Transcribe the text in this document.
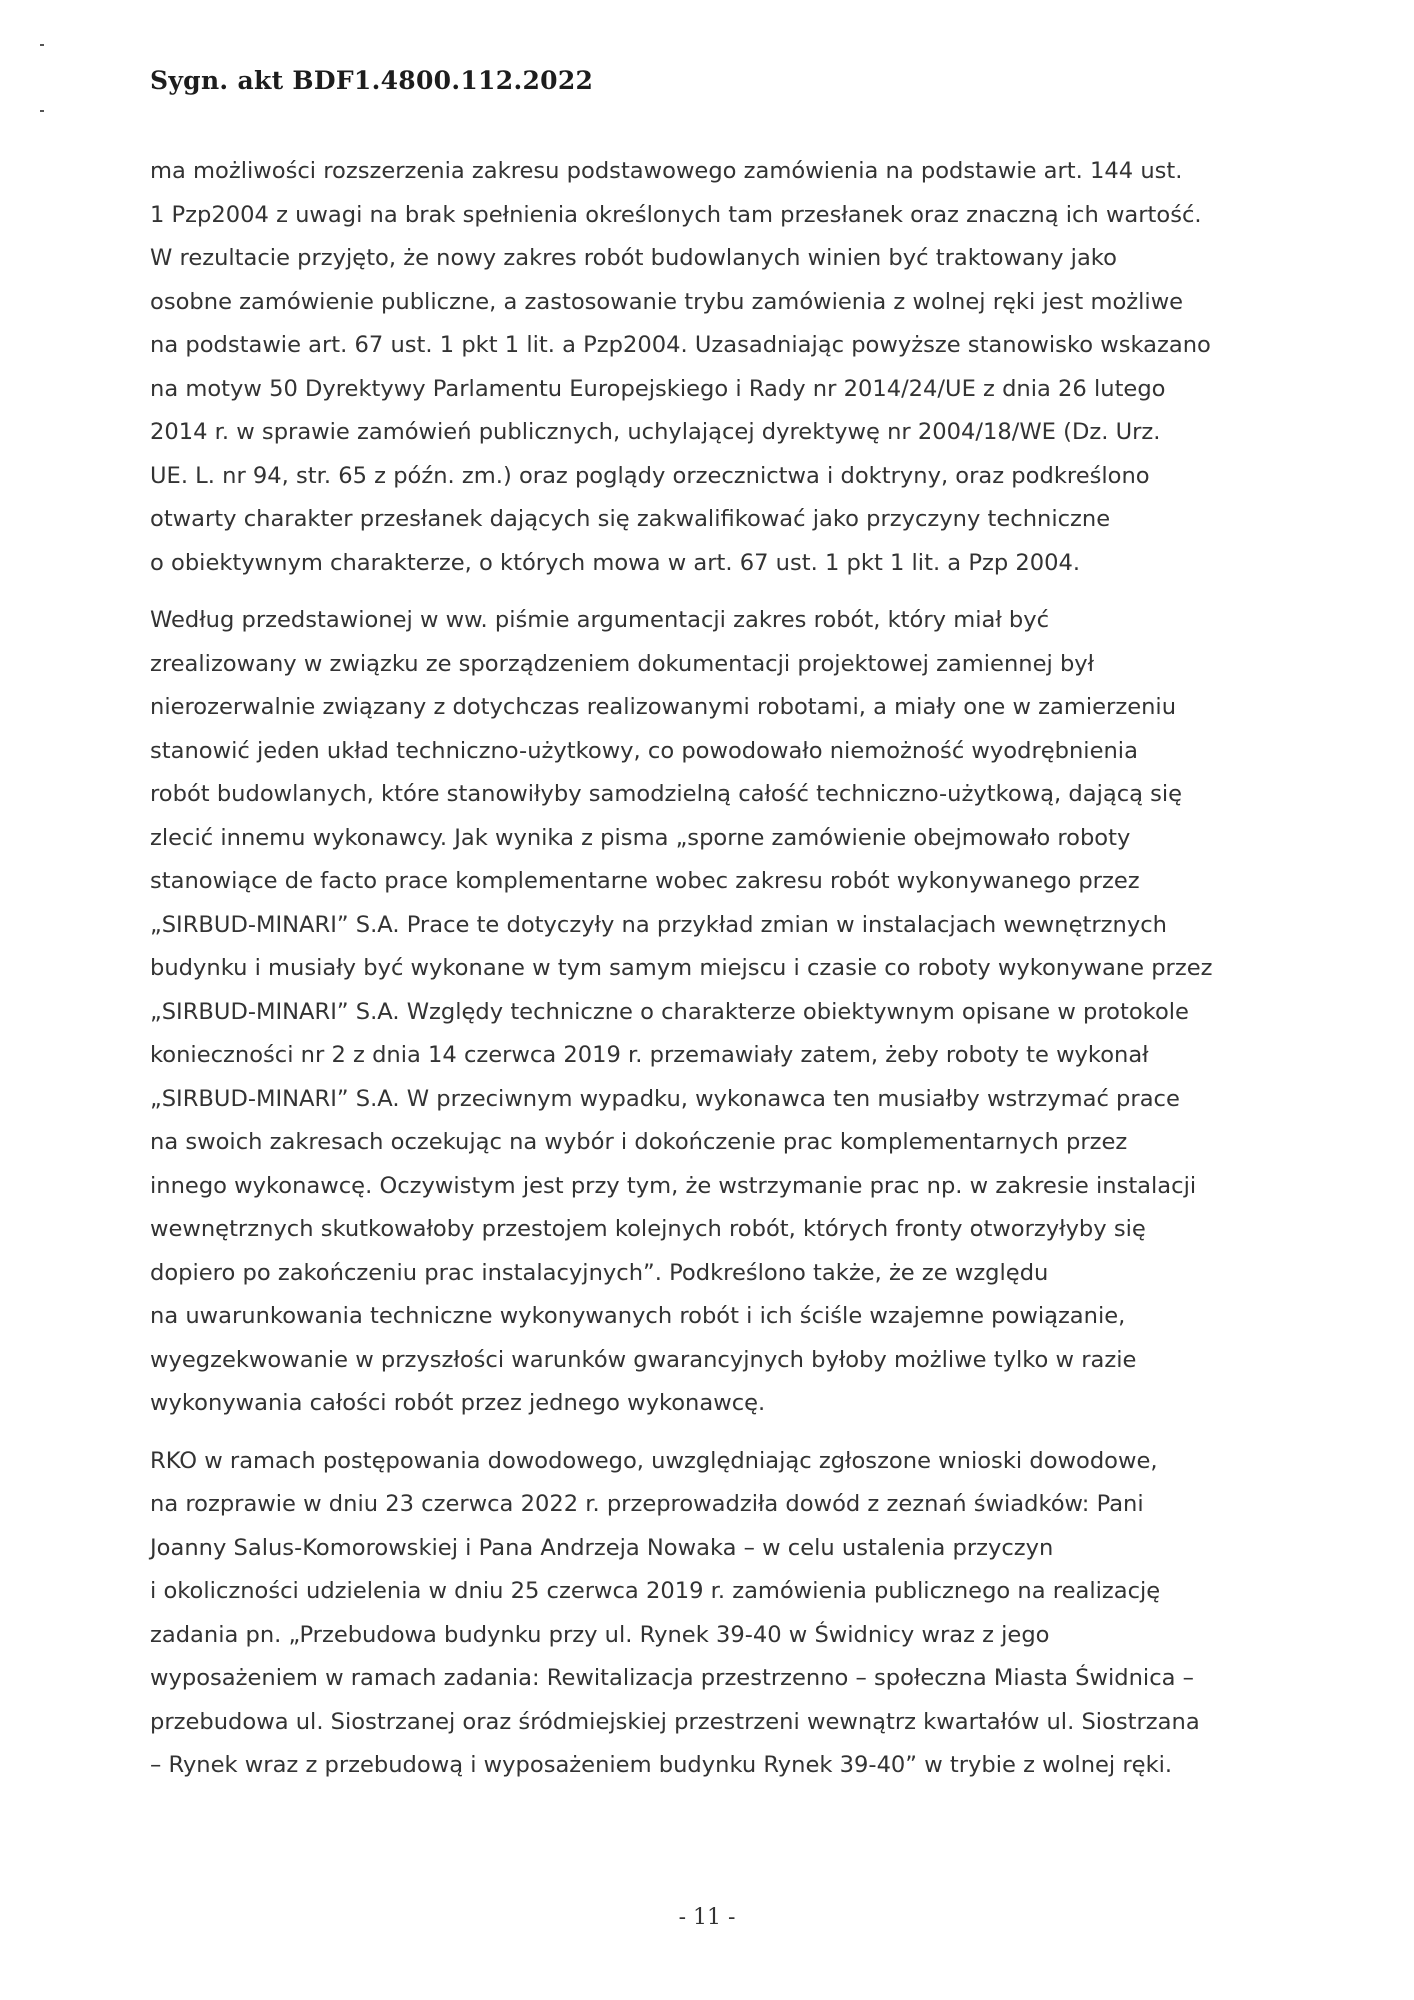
Sygn. akt BDF1.4800.112.2022
ma możliwości rozszerzenia zakresu podstawowego zamówienia na podstawie art. 144 ust.
1 Pzp2004 z uwagi na brak spełnienia określonych tam przesłanek oraz znaczną ich wartość.
W rezultacie przyjęto, że nowy zakres robót budowlanych winien być traktowany jako
osobne zamówienie publiczne, a zastosowanie trybu zamówienia z wolnej ręki jest możliwe
na podstawie art. 67 ust. 1 pkt 1 lit. a Pzp2004. Uzasadniając powyższe stanowisko wskazano
na motyw 50 Dyrektywy Parlamentu Europejskiego i Rady nr 2014/24/UE z dnia 26 lutego
2014 r. w sprawie zamówień publicznych, uchylającej dyrektywę nr 2004/18/WE (Dz. Urz.
UE. L. nr 94, str. 65 z późn. zm.) oraz poglądy orzecznictwa i doktryny, oraz podkreślono
otwarty charakter przesłanek dających się zakwalifikować jako przyczyny techniczne
o obiektywnym charakterze, o których mowa w art. 67 ust. 1 pkt 1 lit. a Pzp 2004.
Według przedstawionej w ww. piśmie argumentacji zakres robót, który miał być
zrealizowany w związku ze sporządzeniem dokumentacji projektowej zamiennej był
nierozerwalnie związany z dotychczas realizowanymi robotami, a miały one w zamierzeniu
stanowić jeden układ techniczno-użytkowy, co powodowało niemożność wyodrębnienia
robót budowlanych, które stanowiłyby samodzielną całość techniczno-użytkową, dającą się
zlecić innemu wykonawcy. Jak wynika z pisma „sporne zamówienie obejmowało roboty
stanowiące de facto prace komplementarne wobec zakresu robót wykonywanego przez
„SIRBUD-MINARI” S.A. Prace te dotyczyły na przykład zmian w instalacjach wewnętrznych
budynku i musiały być wykonane w tym samym miejscu i czasie co roboty wykonywane przez
„SIRBUD-MINARI” S.A. Względy techniczne o charakterze obiektywnym opisane w protokole
konieczności nr 2 z dnia 14 czerwca 2019 r. przemawiały zatem, żeby roboty te wykonał
„SIRBUD-MINARI” S.A. W przeciwnym wypadku, wykonawca ten musiałby wstrzymać prace
na swoich zakresach oczekując na wybór i dokończenie prac komplementarnych przez
innego wykonawcę. Oczywistym jest przy tym, że wstrzymanie prac np. w zakresie instalacji
wewnętrznych skutkowałoby przestojem kolejnych robót, których fronty otworzyłyby się
dopiero po zakończeniu prac instalacyjnych”. Podkreślono także, że ze względu
na uwarunkowania techniczne wykonywanych robót i ich ściśle wzajemne powiązanie,
wyegzekwowanie w przyszłości warunków gwarancyjnych byłoby możliwe tylko w razie
wykonywania całości robót przez jednego wykonawcę.
RKO w ramach postępowania dowodowego, uwzględniając zgłoszone wnioski dowodowe,
na rozprawie w dniu 23 czerwca 2022 r. przeprowadziła dowód z zeznań świadków: Pani
Joanny Salus-Komorowskiej i Pana Andrzeja Nowaka – w celu ustalenia przyczyn
i okoliczności udzielenia w dniu 25 czerwca 2019 r. zamówienia publicznego na realizację
zadania pn. „Przebudowa budynku przy ul. Rynek 39-40 w Świdnicy wraz z jego
wyposażeniem w ramach zadania: Rewitalizacja przestrzenno – społeczna Miasta Świdnica –
przebudowa ul. Siostrzanej oraz śródmiejskiej przestrzeni wewnątrz kwartałów ul. Siostrzana
– Rynek wraz z przebudową i wyposażeniem budynku Rynek 39-40” w trybie z wolnej ręki.
- 11 -
